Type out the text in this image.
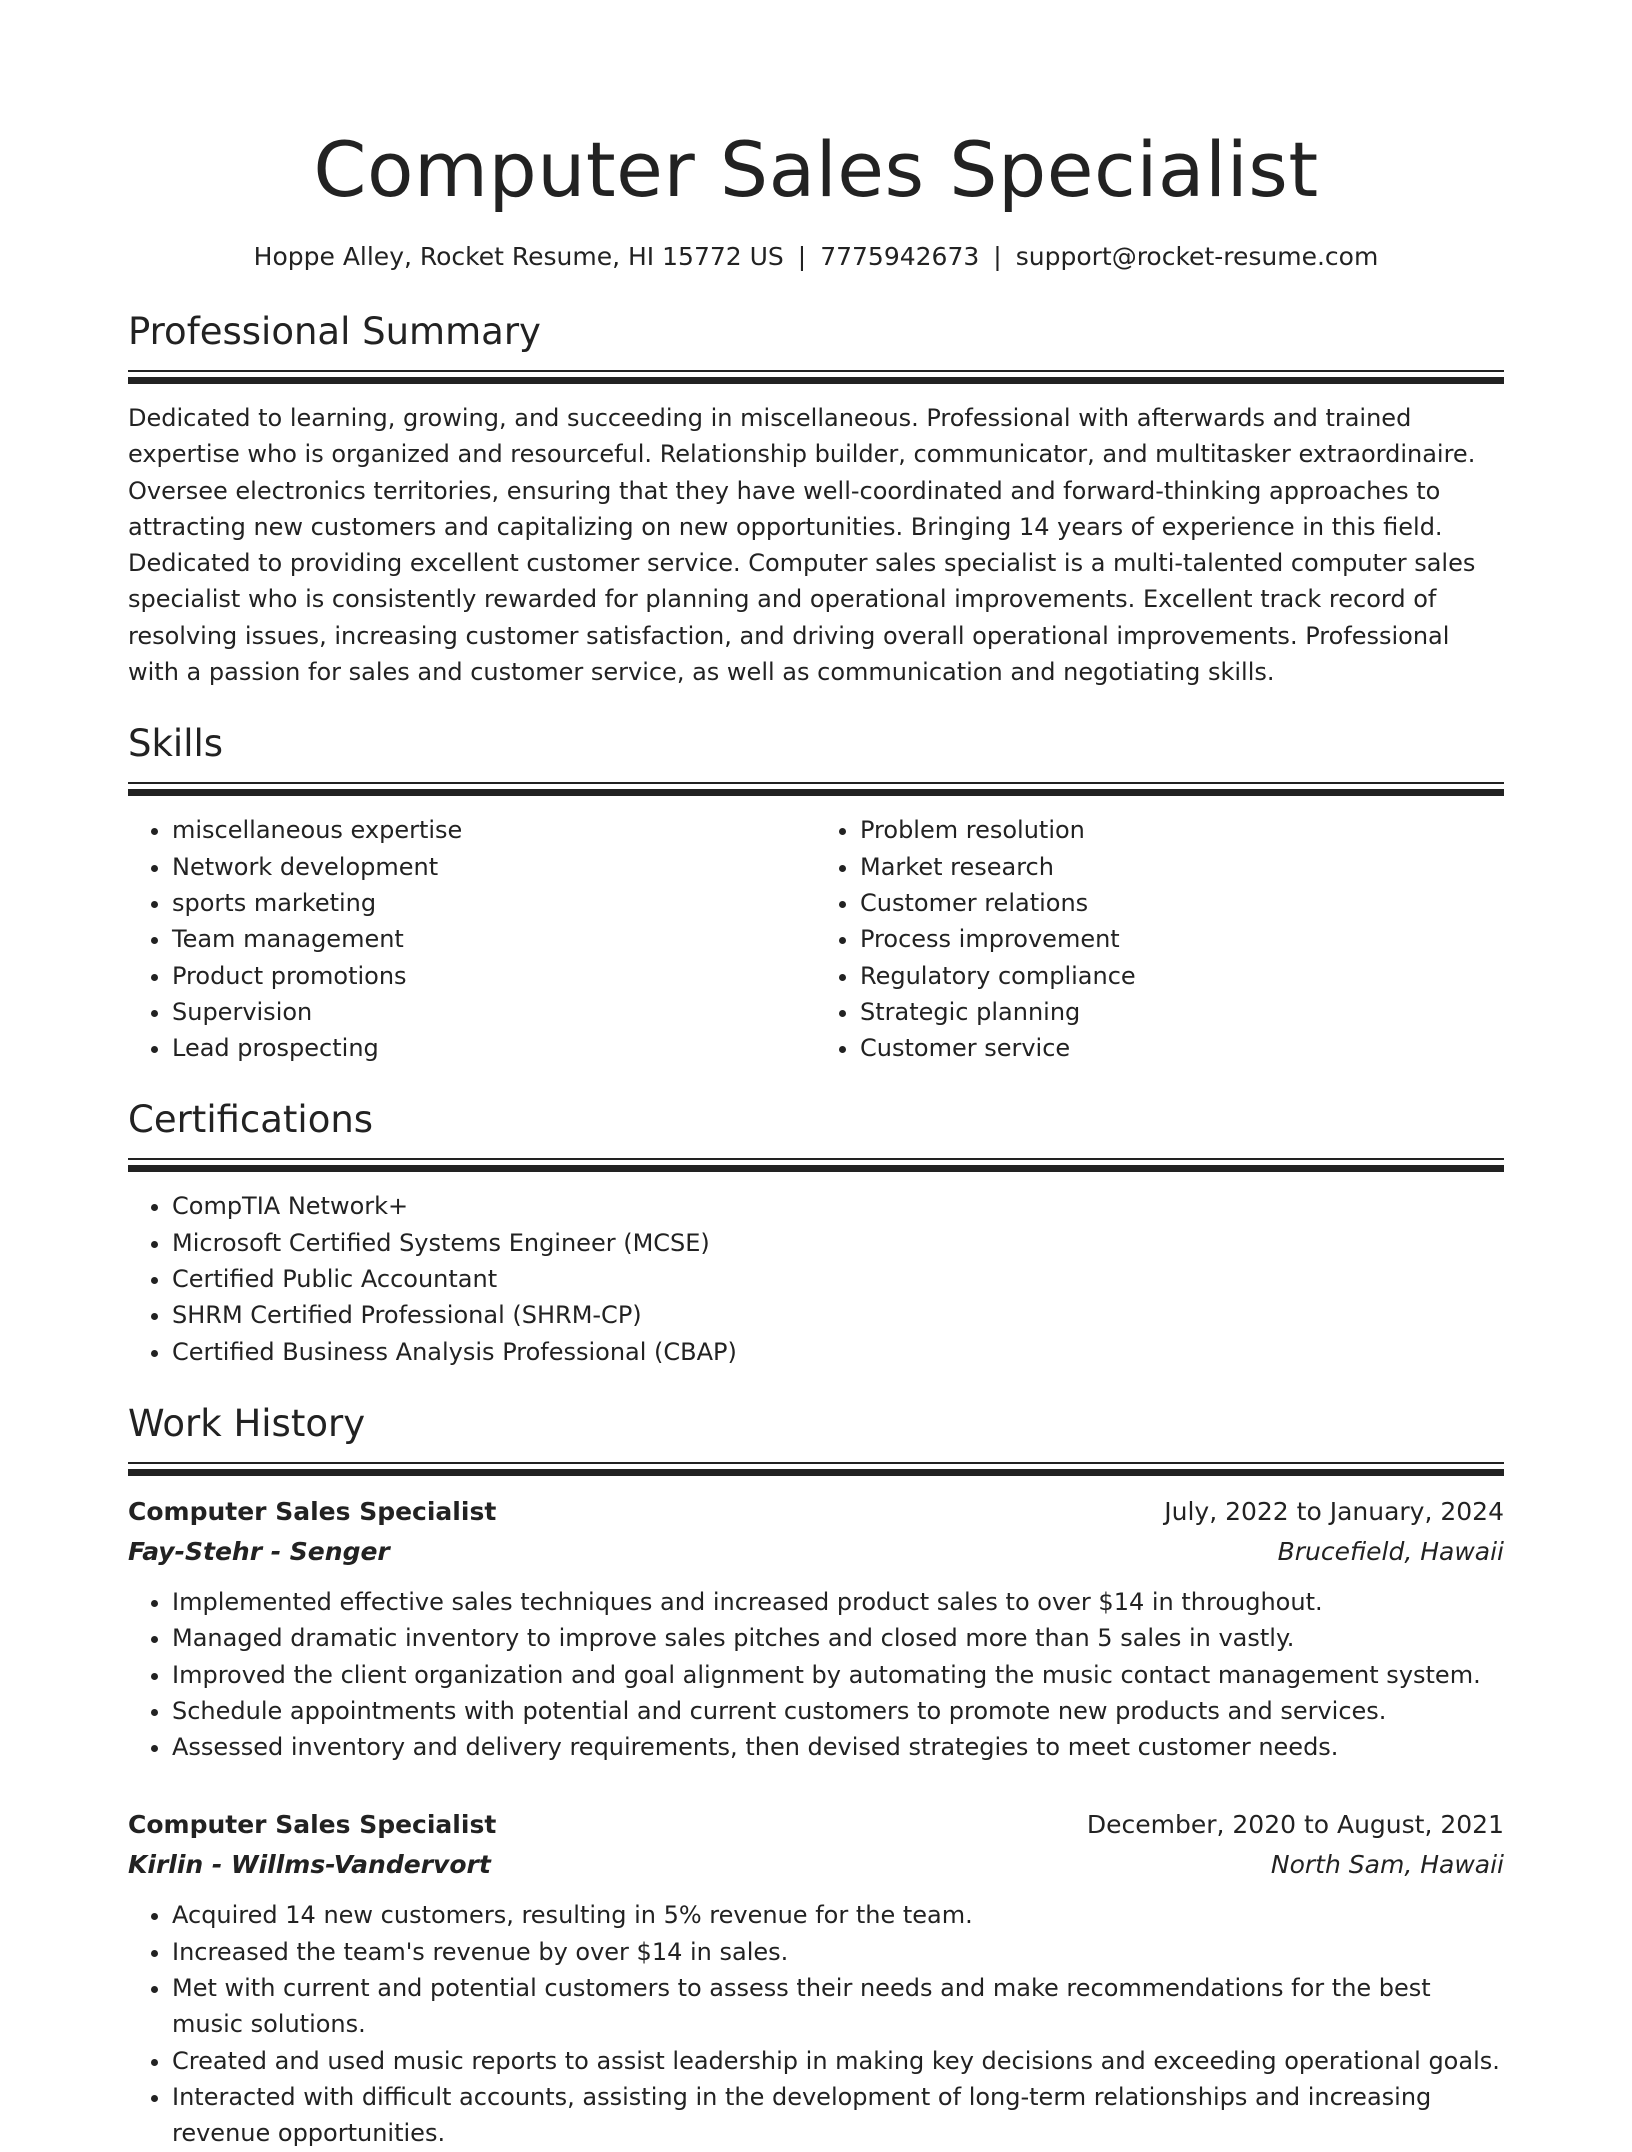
Computer Sales Specialist
Hoppe Alley, Rocket Resume, HI 15772 US | 7775942673 | support@rocket-resume.com
Professional Summary

Dedicated to learning, growing, and succeeding in miscellaneous. Professional with afterwards and trained expertise who is organized and resourceful. Relationship builder, communicator, and multitasker extraordinaire. Oversee electronics territories, ensuring that they have well-coordinated and forward-thinking approaches to attracting new customers and capitalizing on new opportunities. Bringing 14 years of experience in this field. Dedicated to providing excellent customer service. Computer sales specialist is a multi-talented computer sales specialist who is consistently rewarded for planning and operational improvements. Excellent track record of resolving issues, increasing customer satisfaction, and driving overall operational improvements. Professional with a passion for sales and customer service, as well as communication and negotiating skills.

Skills
• miscellaneous expertise
• Network development
• sports marketing
• Team management
• Product promotions
• Supervision
• Lead prospecting
• Problem resolution
• Market research
• Customer relations
• Process improvement
• Regulatory compliance
• Strategic planning
• Customer service
Certifications
• CompTIA Network+
• Microsoft Certified Systems Engineer (MCSE)
• Certified Public Accountant
• SHRM Certified Professional (SHRM-CP)
• Certified Business Analysis Professional (CBAP)
Work History
Computer Sales Specialist	July, 2022 to January, 2024
Fay-Stehr - Senger	Brucefield, Hawaii
• Implemented effective sales techniques and increased product sales to over $14 in throughout.
• Managed dramatic inventory to improve sales pitches and closed more than 5 sales in vastly.
• Improved the client organization and goal alignment by automating the music contact management system.
• Schedule appointments with potential and current customers to promote new products and services.
• Assessed inventory and delivery requirements, then devised strategies to meet customer needs.
Computer Sales Specialist	December, 2020 to August, 2021
Kirlin - Willms-Vandervort	North Sam, Hawaii
• Acquired 14 new customers, resulting in 5% revenue for the team.
• Increased the team's revenue by over $14 in sales.
• Met with current and potential customers to assess their needs and make recommendations for the best music solutions.
• Created and used music reports to assist leadership in making key decisions and exceeding operational goals.
• Interacted with difficult accounts, assisting in the development of long-term relationships and increasing revenue opportunities.
